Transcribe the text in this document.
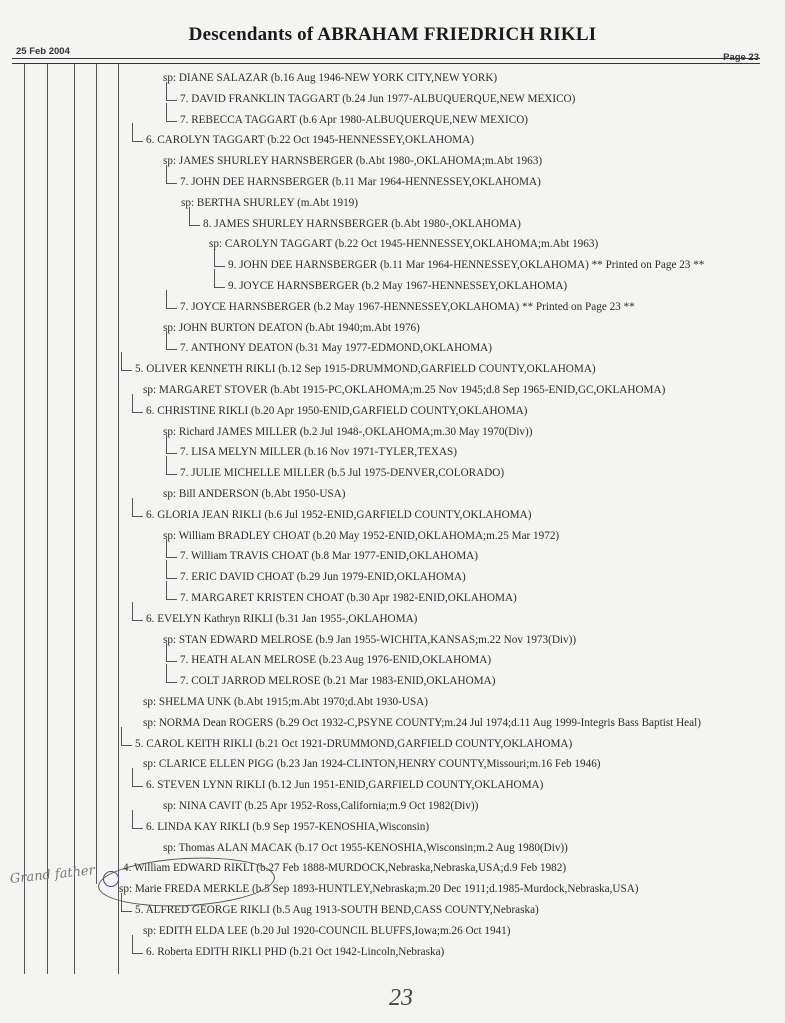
Descendants of ABRAHAM FRIEDRICH RIKLI
25 Feb 2004
Page 23
sp: DIANE SALAZAR (b.16 Aug 1946-NEW YORK CITY,NEW YORK)
7. DAVID FRANKLIN TAGGART (b.24 Jun 1977-ALBUQUERQUE,NEW MEXICO)
7. REBECCA TAGGART (b.6 Apr 1980-ALBUQUERQUE,NEW MEXICO)
6. CAROLYN TAGGART (b.22 Oct 1945-HENNESSEY,OKLAHOMA)
sp: JAMES SHURLEY HARNSBERGER (b.Abt 1980-,OKLAHOMA;m.Abt 1963)
7. JOHN DEE HARNSBERGER (b.11 Mar 1964-HENNESSEY,OKLAHOMA)
sp: BERTHA SHURLEY (m.Abt 1919)
8. JAMES SHURLEY HARNSBERGER (b.Abt 1980-,OKLAHOMA)
sp: CAROLYN TAGGART (b.22 Oct 1945-HENNESSEY,OKLAHOMA;m.Abt 1963)
9. JOHN DEE HARNSBERGER (b.11 Mar 1964-HENNESSEY,OKLAHOMA) ** Printed on Page 23 **
9. JOYCE HARNSBERGER (b.2 May 1967-HENNESSEY,OKLAHOMA)
7. JOYCE HARNSBERGER (b.2 May 1967-HENNESSEY,OKLAHOMA) ** Printed on Page 23 **
sp: JOHN BURTON DEATON (b.Abt 1940;m.Abt 1976)
7. ANTHONY DEATON (b.31 May 1977-EDMOND,OKLAHOMA)
5. OLIVER KENNETH RIKLI (b.12 Sep 1915-DRUMMOND,GARFIELD COUNTY,OKLAHOMA)
sp: MARGARET STOVER (b.Abt 1915-PC,OKLAHOMA;m.25 Nov 1945;d.8 Sep 1965-ENID,GC,OKLAHOMA)
6. CHRISTINE RIKLI (b.20 Apr 1950-ENID,GARFIELD COUNTY,OKLAHOMA)
sp: Richard JAMES MILLER (b.2 Jul 1948-,OKLAHOMA;m.30 May 1970(Div))
7. LISA MELYN MILLER (b.16 Nov 1971-TYLER,TEXAS)
7. JULIE MICHELLE MILLER (b.5 Jul 1975-DENVER,COLORADO)
sp: Bill ANDERSON (b.Abt 1950-USA)
6. GLORIA JEAN RIKLI (b.6 Jul 1952-ENID,GARFIELD COUNTY,OKLAHOMA)
sp: William BRADLEY CHOAT (b.20 May 1952-ENID,OKLAHOMA;m.25 Mar 1972)
7. William TRAVIS CHOAT (b.8 Mar 1977-ENID,OKLAHOMA)
7. ERIC DAVID CHOAT (b.29 Jun 1979-ENID,OKLAHOMA)
7. MARGARET KRISTEN CHOAT (b.30 Apr 1982-ENID,OKLAHOMA)
6. EVELYN Kathryn RIKLI (b.31 Jan 1955-,OKLAHOMA)
sp: STAN EDWARD MELROSE (b.9 Jan 1955-WICHITA,KANSAS;m.22 Nov 1973(Div))
7. HEATH ALAN MELROSE (b.23 Aug 1976-ENID,OKLAHOMA)
7. COLT JARROD MELROSE (b.21 Mar 1983-ENID,OKLAHOMA)
sp: SHELMA UNK (b.Abt 1915;m.Abt 1970;d.Abt 1930-USA)
sp: NORMA Dean ROGERS (b.29 Oct 1932-C,PSYNE COUNTY;m.24 Jul 1974;d.11 Aug 1999-Integris Bass Baptist Heal)
5. CAROL KEITH RIKLI (b.21 Oct 1921-DRUMMOND,GARFIELD COUNTY,OKLAHOMA)
sp: CLARICE ELLEN PIGG (b.23 Jan 1924-CLINTON,HENRY COUNTY,Missouri;m.16 Feb 1946)
6. STEVEN LYNN RIKLI (b.12 Jun 1951-ENID,GARFIELD COUNTY,OKLAHOMA)
sp: NINA CAVIT (b.25 Apr 1952-Ross,California;m.9 Oct 1982(Div))
6. LINDA KAY RIKLI (b.9 Sep 1957-KENOSHIA,Wisconsin)
sp: Thomas ALAN MACAK (b.17 Oct 1955-KENOSHIA,Wisconsin;m.2 Aug 1980(Div))
4. William EDWARD RIKLI (b.27 Feb 1888-MURDOCK,Nebraska,Nebraska,USA;d.9 Feb 1982)
sp: Marie FREDA MERKLE (b.5 Sep 1893-HUNTLEY,Nebraska;m.20 Dec 1911;d.1985-Murdock,Nebraska,USA)
5. ALFRED GEORGE RIKLI (b.5 Aug 1913-SOUTH BEND,CASS COUNTY,Nebraska)
sp: EDITH ELDA LEE (b.20 Jul 1920-COUNCIL BLUFFS,Iowa;m.26 Oct 1941)
6. Roberta EDITH RIKLI PHD (b.21 Oct 1942-Lincoln,Nebraska)
Grand father
23
